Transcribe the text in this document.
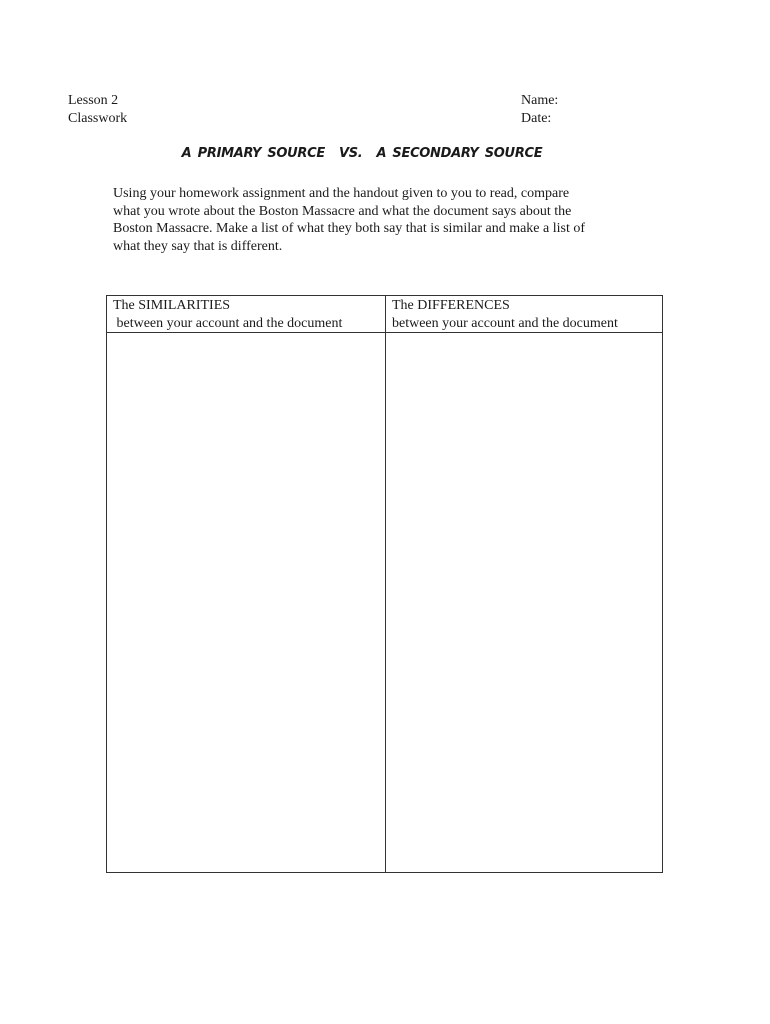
Lesson 2
Classwork
Name:
Date:
A PRIMARY SOURCE VS. A SECONDARY SOURCE
Using your homework assignment and the handout given to you to read, compare
what you wrote about the Boston Massacre and what the document says about the
Boston Massacre. Make a list of what they both say that is similar and make a list of
what they say that is different.
The SIMILARITIES
between your account and the document
The DIFFERENCES
between your account and the document
